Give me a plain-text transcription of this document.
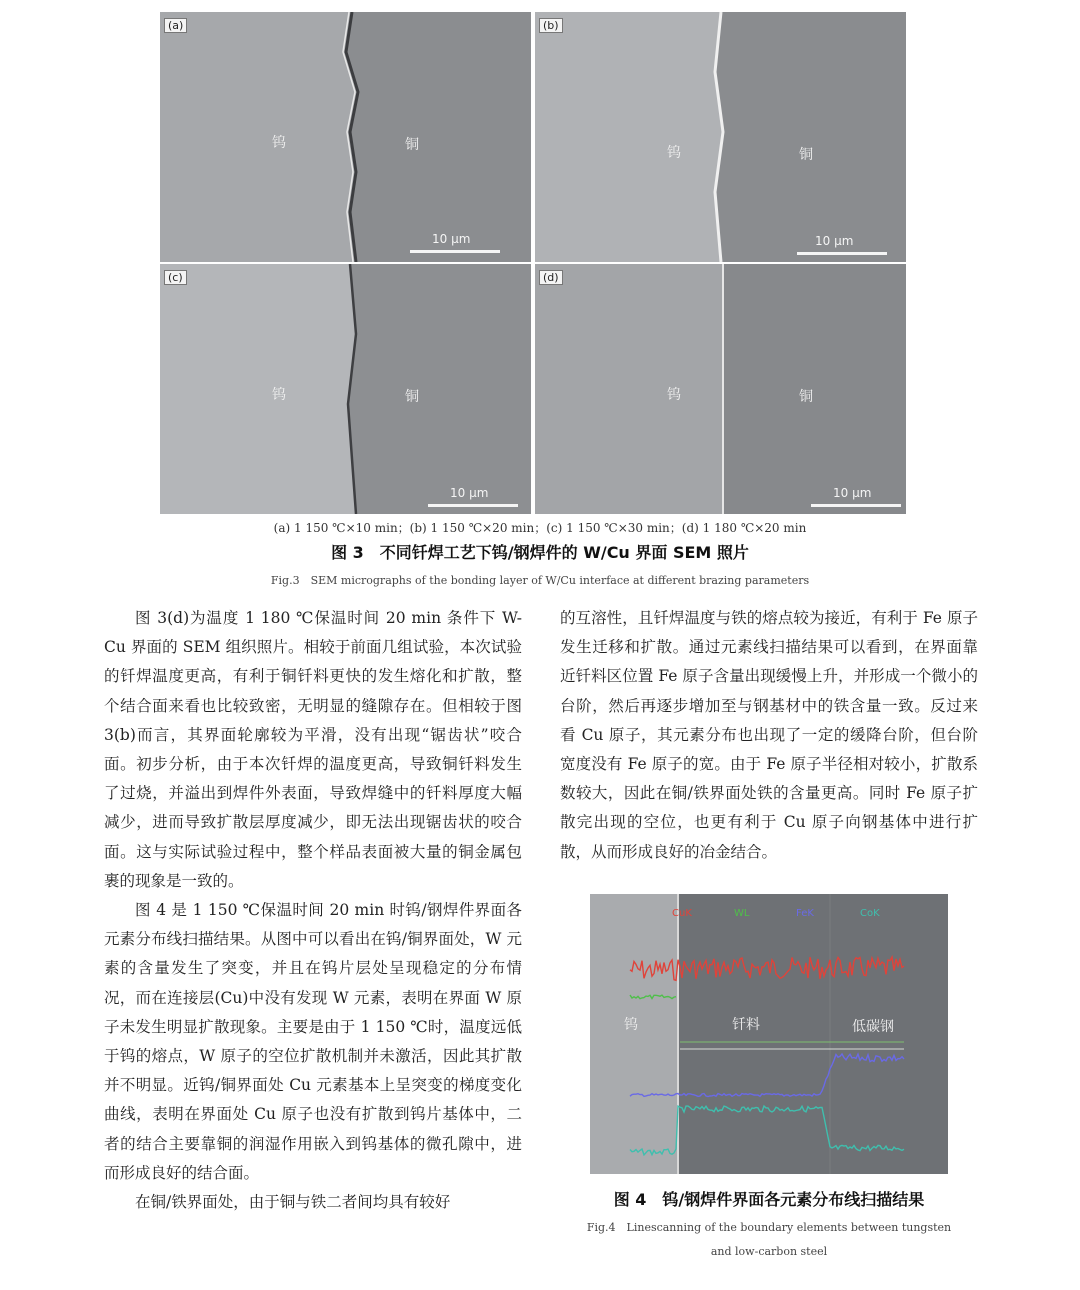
(a)
钨	铜
10 μm
(b)
钨	铜
10 μm
(c)
钨	铜
10 μm
(d)
钨	铜
10 μm
(a) 1 150 ℃×10 min；(b) 1 150 ℃×20 min；(c) 1 150 ℃×30 min；(d) 1 180 ℃×20 min
图 3　不同钎焊工艺下钨/钢焊件的 W/Cu 界面 SEM 照片
Fig.3　SEM micrographs of the bonding layer of W/Cu interface at different brazing parameters

图 3(d)为温度 1 180 ℃保温时间 20 min 条件下 W-Cu 界面的 SEM 组织照片。相较于前面几组试验，本次试验的钎焊温度更高，有利于铜钎料更快的发生熔化和扩散，整个结合面来看也比较致密，无明显的缝隙存在。但相较于图 3(b)而言，其界面轮廓较为平滑，没有出现“锯齿状”咬合面。初步分析，由于本次钎焊的温度更高，导致铜钎料发生了过烧，并溢出到焊件外表面，导致焊缝中的钎料厚度大幅减少，进而导致扩散层厚度减少，即无法出现锯齿状的咬合面。这与实际试验过程中，整个样品表面被大量的铜金属包裹的现象是一致的。

图 4 是 1 150 ℃保温时间 20 min 时钨/钢焊件界面各元素分布线扫描结果。从图中可以看出在钨/铜界面处，W 元素的含量发生了突变，并且在钨片层处呈现稳定的分布情况，而在连接层(Cu)中没有发现 W 元素，表明在界面 W 原子未发生明显扩散现象。主要是由于 1 150 ℃时，温度远低于钨的熔点，W 原子的空位扩散机制并未激活，因此其扩散并不明显。近钨/铜界面处 Cu 元素基本上呈突变的梯度变化曲线，表明在界面处 Cu 原子也没有扩散到钨片基体中，二者的结合主要靠铜的润湿作用嵌入到钨基体的微孔隙中，进而形成良好的结合面。

在铜/铁界面处，由于铜与铁二者间均具有较好

的互溶性，且钎焊温度与铁的熔点较为接近，有利于 Fe 原子发生迁移和扩散。通过元素线扫描结果可以看到，在界面靠近钎料区位置 Fe 原子含量出现缓慢上升，并形成一个微小的台阶，然后再逐步增加至与钢基材中的铁含量一致。反过来看 Cu 原子，其元素分布也出现了一定的缓降台阶，但台阶宽度没有 Fe 原子的宽。由于 Fe 原子半径相对较小，扩散系数较大，因此在铜/铁界面处铁的含量更高。同时 Fe 原子扩散完出现的空位，也更有利于 Cu 原子向钢基体中进行扩散，从而形成良好的冶金结合。

CuK	WL	FeK	CoK
钨	钎料	低碳钢
图 4　钨/钢焊件界面各元素分布线扫描结果
Fig.4　Linescanning of the boundary elements between tungsten
and low-carbon steel
